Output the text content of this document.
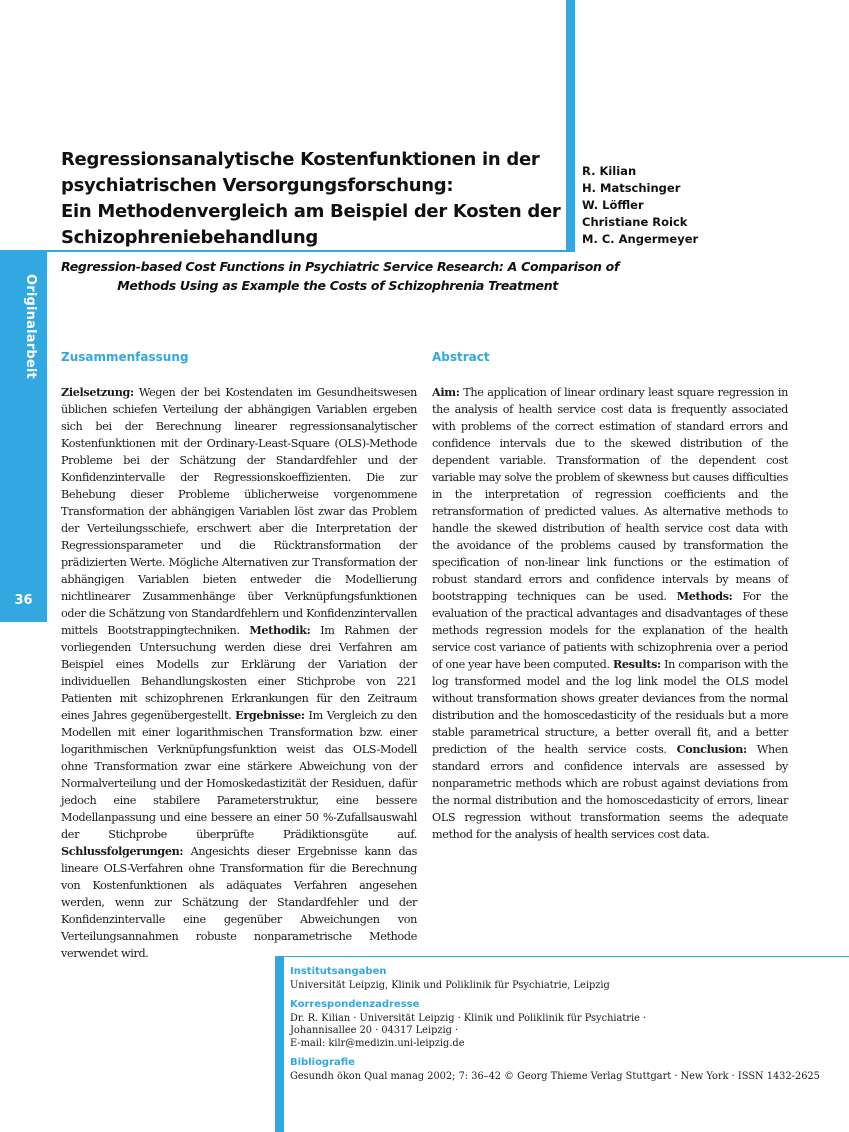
Originalarbeit
36
Regressionsanalytische Kostenfunktionen in der
psychiatrischen Versorgungsforschung:
Ein Methodenvergleich am Beispiel der Kosten der
Schizophreniebehandlung
R. Kilian
H. Matschinger
W. Löffler
Christiane Roick
M. C. Angermeyer
Regression-based Cost Functions in Psychiatric Service Research: A Comparison of
Methods Using as Example the Costs of Schizophrenia Treatment
Zusammenfassung
Zielsetzung: Wegen der bei Kostendaten im Gesundheitswesen üblichen schiefen Verteilung der abhängigen Variablen ergeben sich bei der Berechnung linearer regressionsanalytischer Kostenfunktionen mit der Ordinary-Least-Square (OLS)-Methode Probleme bei der Schätzung der Standardfehler und der Konfidenzintervalle der Regressionskoeffizienten. Die zur Behebung dieser Probleme üblicherweise vorgenommene Transformation der abhängigen Variablen löst zwar das Problem der Verteilungsschiefe, erschwert aber die Interpretation der Regressionsparameter und die Rücktransformation der prädizierten Werte. Mögliche Alternativen zur Transformation der abhängigen Variablen bieten entweder die Modellierung nichtlinearer Zusammenhänge über Verknüpfungsfunktionen oder die Schätzung von Standardfehlern und Konfidenzintervallen mittels Bootstrappingtechniken. Methodik: Im Rahmen der vorliegenden Untersuchung werden diese drei Verfahren am Beispiel eines Modells zur Erklärung der Variation der individuellen Behandlungskosten einer Stichprobe von 221 Patienten mit schizophrenen Erkrankungen für den Zeitraum eines Jahres gegenübergestellt. Ergebnisse: Im Vergleich zu den Modellen mit einer logarithmischen Transformation bzw. einer logarithmischen Verknüpfungsfunktion weist das OLS-Modell ohne Transformation zwar eine stärkere Abweichung von der Normalverteilung und der Homoskedastizität der Residuen, dafür jedoch eine stabilere Parameterstruktur, eine bessere Modellanpassung und eine bessere an einer 50 %-Zufallsauswahl der Stichprobe überprüfte Prädiktionsgüte auf. Schlussfolgerungen: Angesichts dieser Ergebnisse kann das lineare OLS-Verfahren ohne Transformation für die Berechnung von Kostenfunktionen als adäquates Verfahren angesehen werden, wenn zur Schätzung der Standardfehler und der Konfidenzintervalle eine gegenüber Abweichungen von Verteilungsannahmen robuste nonparametrische Methode verwendet wird.
Abstract
Aim: The application of linear ordinary least square regression in the analysis of health service cost data is frequently associated with problems of the correct estimation of standard errors and confidence intervals due to the skewed distribution of the dependent variable. Transformation of the dependent cost variable may solve the problem of skewness but causes difficulties in the interpretation of regression coefficients and the retransformation of predicted values. As alternative methods to handle the skewed distribution of health service cost data with the avoidance of the problems caused by transformation the specification of non-linear link functions or the estimation of robust standard errors and confidence intervals by means of bootstrapping techniques can be used. Methods: For the evaluation of the practical advantages and disadvantages of these methods regression models for the explanation of the health service cost variance of patients with schizophrenia over a period of one year have been computed. Results: In comparison with the log transformed model and the log link model the OLS model without transformation shows greater deviances from the normal distribution and the homoscedasticity of the residuals but a more stable parametrical structure, a better overall fit, and a better prediction of the health service costs. Conclusion: When standard errors and confidence intervals are assessed by nonparametric methods which are robust against deviations from the normal distribution and the homoscedasticity of errors, linear OLS regression without transformation seems the adequate method for the analysis of health services cost data.
Institutsangaben
Universität Leipzig, Klinik und Poliklinik für Psychiatrie, Leipzig
Korrespondenzadresse
Dr. R. Kilian · Universität Leipzig · Klinik und Poliklinik für Psychiatrie ·
Johannisallee 20 · 04317 Leipzig ·
E-mail: kilr@medizin.uni-leipzig.de
Bibliografie
Gesundh ökon Qual manag 2002; 7: 36–42 © Georg Thieme Verlag Stuttgart · New York · ISSN 1432-2625
